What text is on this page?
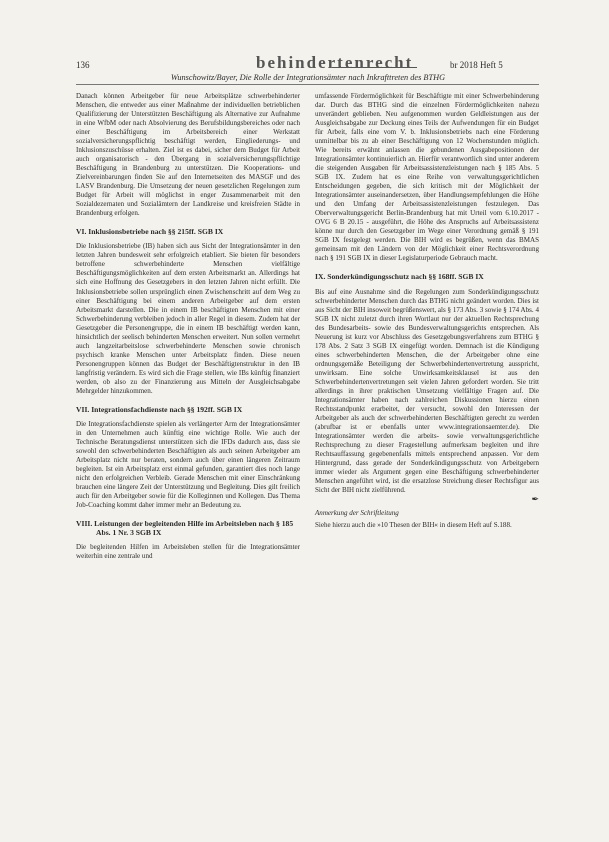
136	behindertenrecht	br 2018 Heft 5
Wunschowitz/Bayer, Die Rolle der Integrationsämter nach Inkrafttreten des BTHG

Danach können Arbeitgeber für neue Arbeitsplätze schwerbehinderter Menschen, die entweder aus einer Maßnahme der individuellen betrieblichen Qualifizierung der Unterstützten Beschäftigung als Alternative zur Aufnahme in eine WfbM oder nach Absolvierung des Berufsbildungsbereiches oder nach einer Beschäftigung im Arbeitsbereich einer Werkstatt sozialversicherungspflichtig beschäftigt werden, Eingliederungs- und Inklusionszuschüsse erhalten. Ziel ist es dabei, sicher dem Budget für Arbeit auch organisatorisch - den Übergang in sozialversicherungspflichtige Beschäftigung in Brandenburg zu unterstützen. Die Kooperations- und Zielvereinbarungen finden Sie auf den Internetseiten des MASGF und des LASV Brandenburg. Die Umsetzung der neuen gesetzlichen Regelungen zum Budget für Arbeit will möglichst in enger Zusammenarbeit mit den Sozialdezernaten und Sozialämtern der Landkreise und kreisfreien Städte in Brandenburg erfolgen.

VI. Inklusionsbetriebe nach §§ 215ff. SGB IX

Die Inklusionsbetriebe (IB) haben sich aus Sicht der Integrationsämter in den letzten Jahren bundesweit sehr erfolgreich etabliert. Sie bieten für besonders betroffene schwerbehinderte Menschen vielfältige Beschäftigungsmöglichkeiten auf dem ersten Arbeitsmarkt an. Allerdings hat sich eine Hoffnung des Gesetzgebers in den letzten Jahren nicht erfüllt. Die Inklusionsbetriebe sollen ursprünglich einen Zwischenschritt auf dem Weg zu einer Beschäftigung bei einem anderen Arbeitgeber auf dem ersten Arbeitsmarkt darstellen. Die in einem IB beschäftigten Menschen mit einer Schwerbehinderung verbleiben jedoch in aller Regel in diesem. Zudem hat der Gesetzgeber die Personengruppe, die in einem IB beschäftigt werden kann, hinsichtlich der seelisch behinderten Menschen erweitert. Nun sollen vermehrt auch langzeitarbeitslose schwerbehinderte Menschen sowie chronisch psychisch kranke Menschen unter Arbeitsplatz finden. Diese neuen Personengruppen können das Budget der Beschäftigtenstruktur in den IB langfristig verändern. Es wird sich die Frage stellen, wie IBs künftig finanziert werden, ob also zu der Finanzierung aus Mitteln der Ausgleichsabgabe Mehrgelder hinzukommen.

VII. Integrationsfachdienste nach §§ 192ff. SGB IX

Die Integrationsfachdienste spielen als verlängerter Arm der Integrationsämter in den Unternehmen auch künftig eine wichtige Rolle. Wie auch der Technische Beratungsdienst unterstützen sich die IFDs dadurch aus, dass sie sowohl den schwerbehinderten Beschäftigten als auch seinen Arbeitgeber am Arbeitsplatz nicht nur beraten, sondern auch über einen längeren Zeitraum begleiten. Ist ein Arbeitsplatz erst einmal gefunden, garantiert dies noch lange nicht den erfolgreichen Verbleib. Gerade Menschen mit einer Einschränkung brauchen eine längere Zeit der Unterstützung und Begleitung. Dies gilt freilich auch für den Arbeitgeber sowie für die Kolleginnen und Kollegen. Das Thema Job-Coaching kommt daher immer mehr an Bedeutung zu.

VIII. Leistungen der begleitenden Hilfe im Arbeitsleben nach § 185 Abs. 1 Nr. 3 SGB IX

Die begleitenden Hilfen im Arbeitsleben stellen für die Integrationsämter weiterhin eine zentrale und

umfassende Fördermöglichkeit für Beschäftigte mit einer Schwerbehinderung dar. Durch das BTHG sind die einzelnen Fördermöglichkeiten nahezu unverändert geblieben. Neu aufgenommen wurden Geldleistungen aus der Ausgleichsabgabe zur Deckung eines Teils der Aufwendungen für ein Budget für Arbeit, falls eine vom V. b. Inklusionsbetriebs nach eine Förderung unmittelbar bis zu ab einer Beschäftigung von 12 Wochenstunden möglich. Wie bereits erwähnt anlassen die gebundenen Ausgabepositionen der Integrationsämter kontinuierlich an. Hierfür verantwortlich sind unter anderem die steigenden Ausgaben für Arbeitsassistenzleistungen nach § 185 Abs. 5 SGB IX. Zudem hat es eine Reihe von verwaltungsgerichtlichen Entscheidungen gegeben, die sich kritisch mit der Möglichkeit der Integrationsämter auseinandersetzen, über Handlungsempfehlungen die Höhe und den Umfang der Arbeitsassistenzleistungen festzulegen. Das Oberverwaltungsgericht Berlin-Brandenburg hat mit Urteil vom 6.10.2017 - OVG 6 B 20.15 - ausgeführt, die Höhe des Anspruchs auf Arbeitsassistenz könne nur durch den Gesetzgeber im Wege einer Verordnung gemäß § 191 SGB IX festgelegt werden. Die BIH wird es begrüßen, wenn das BMAS gemeinsam mit den Ländern von der Möglichkeit einer Rechtsverordnung nach § 191 SGB IX in dieser Legislaturperiode Gebrauch macht.

IX. Sonderkündigungsschutz nach §§ 168ff. SGB IX

Bis auf eine Ausnahme sind die Regelungen zum Sonderkündigungsschutz schwerbehinderter Menschen durch das BTHG nicht geändert worden. Dies ist aus Sicht der BIH insoweit begrüßenswert, als § 173 Abs. 3 sowie § 174 Abs. 4 SGB IX nicht zuletzt durch ihren Wortlaut nur der aktuellen Rechtsprechung des Bundesarbeits- sowie des Bundesverwaltungsgerichts entsprechen. Als Neuerung ist kurz vor Abschluss des Gesetzgebungsverfahrens zum BTHG § 178 Abs. 2 Satz 3 SGB IX eingefügt worden. Demnach ist die Kündigung eines schwerbehinderten Menschen, die der Arbeitgeber ohne eine ordnungsgemäße Beteiligung der Schwerbehindertenvertretung ausspricht, unwirksam. Eine solche Unwirksamkeitsklausel ist aus den Schwerbehindertenvertretungen seit vielen Jahren gefordert worden. Sie tritt allerdings in ihrer praktischen Umsetzung vielfältige Fragen auf. Die Integrationsämter haben nach zahlreichen Diskussionen hierzu einen Rechtsstandpunkt erarbeitet, der versucht, sowohl den Interessen der Arbeitgeber als auch der schwerbehinderten Beschäftigten gerecht zu werden (abrufbar ist er ebenfalls unter www.integrationsaemter.de). Die Integrationsämter werden die arbeits- sowie verwaltungsgerichtliche Rechtsprechung zu dieser Fragestellung aufmerksam begleiten und ihre Rechtsauffassung gegebenenfalls mittels entsprechend anpassen. Vor dem Hintergrund, dass gerade der Sonderkündigungsschutz von Arbeitgebern immer wieder als Argument gegen eine Beschäftigung schwerbehinderter Menschen angeführt wird, ist die ersatzlose Streichung dieser Rechtsfigur aus Sicht der BIH nicht zielführend.

✒

Anmerkung der Schriftleitung

Siehe hierzu auch die »10 Thesen der BIH« in diesem Heft auf S.188.
